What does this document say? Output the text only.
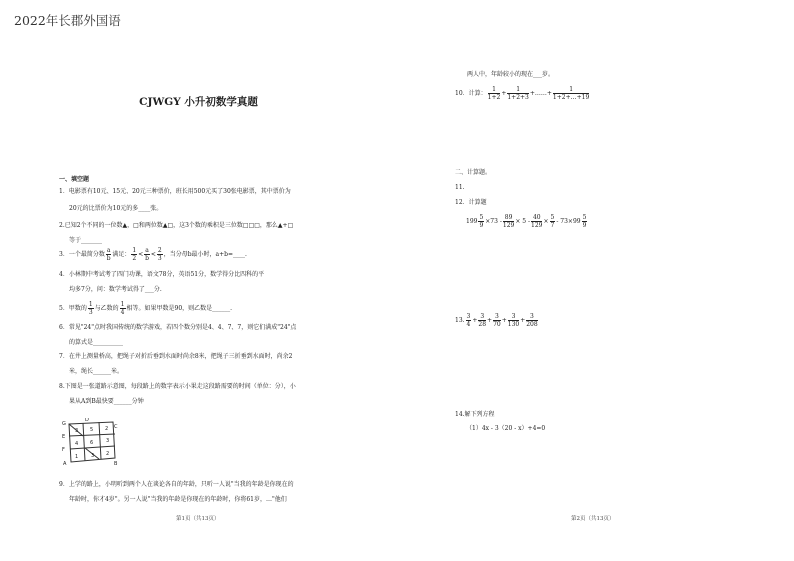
2022年长郡外国语
CJWGY 小升初数学真题
一、填空题
1．电影票有10元、15元、20元三种票价，班长用500元买了30张电影票，其中票价为
20元的比票价为10元的多____张。
2.已知2个不同的一位数▲，□和两位数▲□，这3个数的乘积是三位数□□□，那么▲+□
等于_______
3．一个最简分数 $\frac{a}{b}$ 满足： $\frac{1}{2} < \frac{a}{b} < \frac{2}{3}$ ，当分母b最小时，a+b=____.
4．小林期中考试考了四门功课，语文78分，英语51分，数学得分比四科的平
均多7分，问：数学考试得了___分.
5．甲数的 $\frac{1}{3}$ 与乙数的 $\frac{1}{4}$ 相等。如果甲数是90，则乙数是______.
6．常见"24"点时我国传统的数学游戏，若四个数分别是4、4、7、7，则它们满成"24"点
的算式是__________
7．在井上测量桥高，把绳子对折后垂到水面时尚余8米，把绳子三折垂到水面时，尚余2
米，绳长______米。
8.下图是一张道路示意图，每段路上的数字表示小果走这段路需要的时间（单位：分），小
果从A到B最快要______分钟
G	C
B
A
E
F
D
3 5 2
4 6	3
1	3 2
9．上学的路上，小明听到两个人在谈论各自的年龄，只听一人说"当我的年龄是你现在的
年龄时，你才4岁"。另一人说"当我的年龄是你现在的年龄时，你将61岁，…"他们
第1页（共13页）
两人中，年龄较小的现在___岁。
10．计算： $\frac{1}{1+2} + \frac{1}{1+2+3}$ +……+ $\frac{1}{1+2+\dots+19}$
二、计算题。
11.
12．计算题
$199 \frac{5}{9} \times 73 - \frac{89}{129} \times 5 - \frac{40}{129} \times \frac{5}{7} - 73\times 99 \frac{5}{9}$
13. $\frac{3}{4} + \frac{3}{28} + \frac{3}{70} + \frac{3}{130} + \frac{3}{208}$
14.解下列方程
（1）4x - 3（20 - x）+4=0
第2页（共13页）
